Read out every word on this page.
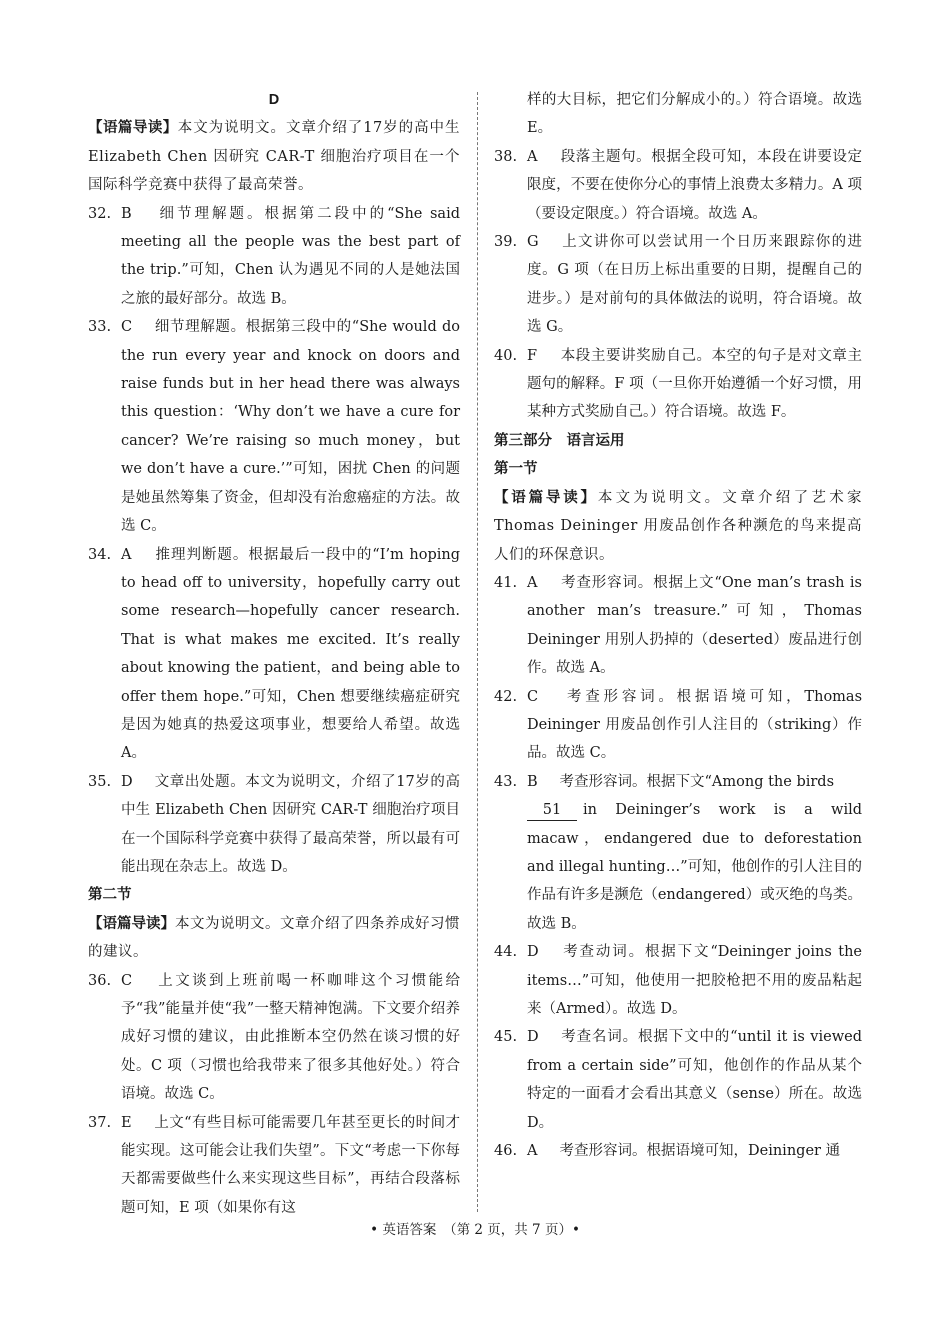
D
【语篇导读】本文为说明文。文章介绍了17岁的高中生 Elizabeth Chen 因研究 CAR-T 细胞治疗项目在一个国际科学竞赛中获得了最高荣誉。
32. B　 细节理解题。根据第二段中的“She said meeting all the people was the best part of the trip.”可知，Chen 认为遇见不同的人是她法国之旅的最好部分。故选 B。
33. C　 细节理解题。根据第三段中的“She would do the run every year and knock on doors and raise funds but in her head there was always this question：‘Why don’t we have a cure for cancer? We’re raising so much money，but we don’t have a cure.’”可知，困扰 Chen 的问题是她虽然筹集了资金，但却没有治愈癌症的方法。故选 C。
34. A　 推理判断题。根据最后一段中的“I’m hoping to head off to university，hopefully carry out some research—hopefully cancer research. That is what makes me excited. It’s really about knowing the patient，and being able to offer them hope.”可知，Chen 想要继续癌症研究是因为她真的热爱这项事业，想要给人希望。故选 A。
35. D　 文章出处题。本文为说明文，介绍了17岁的高中生 Elizabeth Chen 因研究 CAR-T 细胞治疗项目在一个国际科学竞赛中获得了最高荣誉，所以最有可能出现在杂志上。故选 D。
第二节
【语篇导读】本文为说明文。文章介绍了四条养成好习惯的建议。
36. C　 上文谈到上班前喝一杯咖啡这个习惯能给予“我”能量并使“我”一整天精神饱满。下文要介绍养成好习惯的建议，由此推断本空仍然在谈习惯的好处。C 项（习惯也给我带来了很多其他好处。）符合语境。故选 C。
37. E　 上文“有些目标可能需要几年甚至更长的时间才能实现。这可能会让我们失望”。下文“考虑一下你每天都需要做些什么来实现这些目标”，再结合段落标题可知，E 项（如果你有这
样的大目标，把它们分解成小的。）符合语境。故选 E。
38. A　 段落主题句。根据全段可知，本段在讲要设定限度，不要在使你分心的事情上浪费太多精力。A 项（要设定限度。）符合语境。故选 A。
39. G　 上文讲你可以尝试用一个日历来跟踪你的进度。G 项（在日历上标出重要的日期，提醒自己的进步。）是对前句的具体做法的说明，符合语境。故选 G。
40. F　 本段主要讲奖励自己。本空的句子是对文章主题句的解释。F 项（一旦你开始遵循一个好习惯，用某种方式奖励自己。）符合语境。故选 F。
第三部分　语言运用
第一节
【语篇导读】本文为说明文。文章介绍了艺术家 Thomas Deininger 用废品创作各种濒危的鸟来提高人们的环保意识。
41. A　 考查形容词。根据上文“One man’s trash is another man’s treasure.”可知，Thomas Deininger 用别人扔掉的（deserted）废品进行创作。故选 A。
42. C　 考查形容词。根据语境可知，Thomas Deininger 用废品创作引人注目的（striking）作品。故选 C。
43. B　 考查形容词。根据下文“Among the birds
51 in Deininger’s work is a wild macaw，endangered due to deforestation and illegal hunting…”可知，他创作的引人注目的作品有许多是濒危（endangered）或灭绝的鸟类。故选 B。
44. D　 考查动词。根据下文“Deininger joins the items…”可知，他使用一把胶枪把不用的废品粘起来（Armed）。故选 D。
45. D　 考查名词。根据下文中的“until it is viewed from a certain side”可知，他创作的作品从某个特定的一面看才会看出其意义（sense）所在。故选 D。
46. A　 考查形容词。根据语境可知，Deininger 通
• 英语答案　（第 2 页，共 7 页）•
